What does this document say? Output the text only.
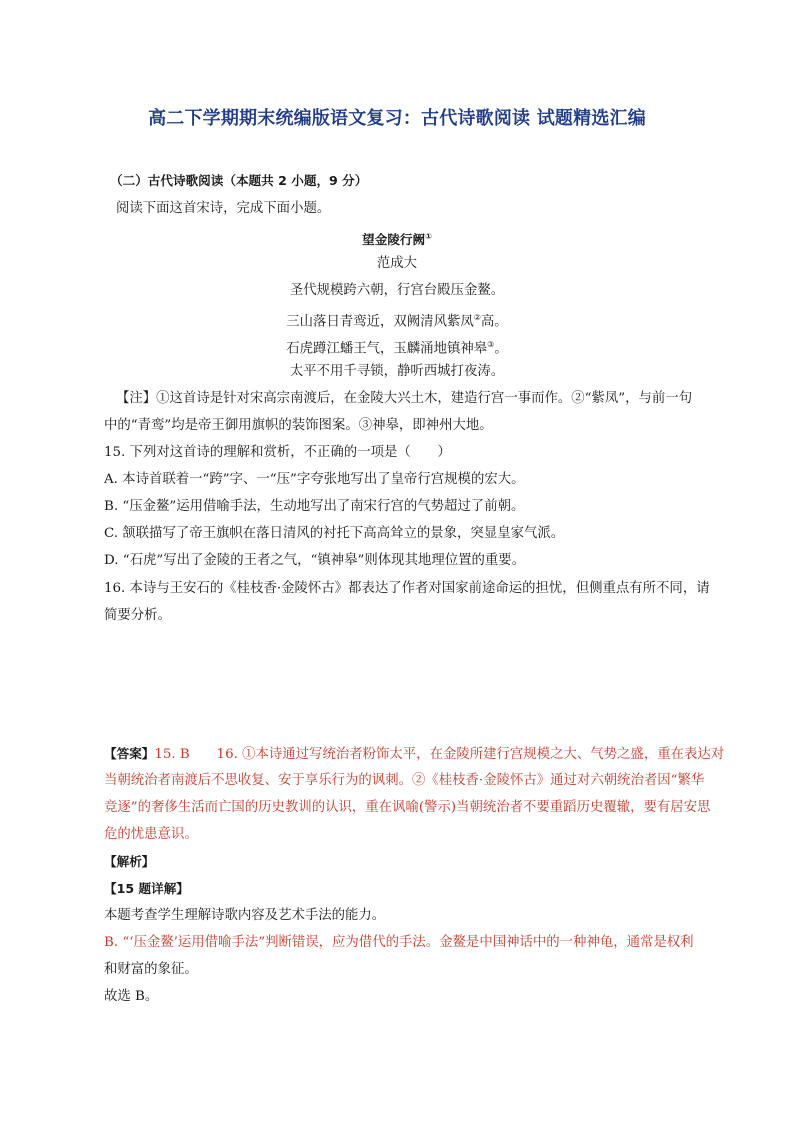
高二下学期期末统编版语文复习：古代诗歌阅读 试题精选汇编
（二）古代诗歌阅读（本题共 2 小题，9 分）
阅读下面这首宋诗，完成下面小题。
望金陵行阙①
范成大
圣代规模跨六朝，行宫台殿压金鳌。
三山落日青鸾近，双阙清风紫凤②高。
石虎蹲江蟠王气，玉麟涌地镇神皋③。
太平不用千寻锁，静听西城打夜涛。
【注】①这首诗是针对宋高宗南渡后，在金陵大兴土木，建造行宫一事而作。②“紫凤”，与前一句
中的“青鸾”均是帝王御用旗帜的装饰图案。③神皋，即神州大地。
15. 下列对这首诗的理解和赏析，不正确的一项是（　　）
A. 本诗首联着一“跨”字、一“压”字夸张地写出了皇帝行宫规模的宏大。
B. “压金鳌”运用借喻手法，生动地写出了南宋行宫的气势超过了前朝。
C. 颔联描写了帝王旗帜在落日清风的衬托下高高耸立的景象，突显皇家气派。
D. “石虎”写出了金陵的王者之气，“镇神皋”则体现其地理位置的重要。
16. 本诗与王安石的《桂枝香·金陵怀古》都表达了作者对国家前途命运的担忧，但侧重点有所不同，请
简要分析。
【答案】15. B　　16. ①本诗通过写统治者粉饰太平，在金陵所建行宫规模之大、气势之盛，重在表达对
当朝统治者南渡后不思收复、安于享乐行为的讽刺。②《桂枝香·金陵怀古》通过对六朝统治者因“繁华
竞逐”的奢侈生活而亡国的历史教训的认识，重在讽喻(警示)当朝统治者不要重蹈历史覆辙，要有居安思
危的忧患意识。
【解析】
【15 题详解】
本题考查学生理解诗歌内容及艺术手法的能力。
B. “‘压金鳌’运用借喻手法”判断错误，应为借代的手法。金鳌是中国神话中的一种神龟，通常是权利
和财富的象征。
故选 B。
